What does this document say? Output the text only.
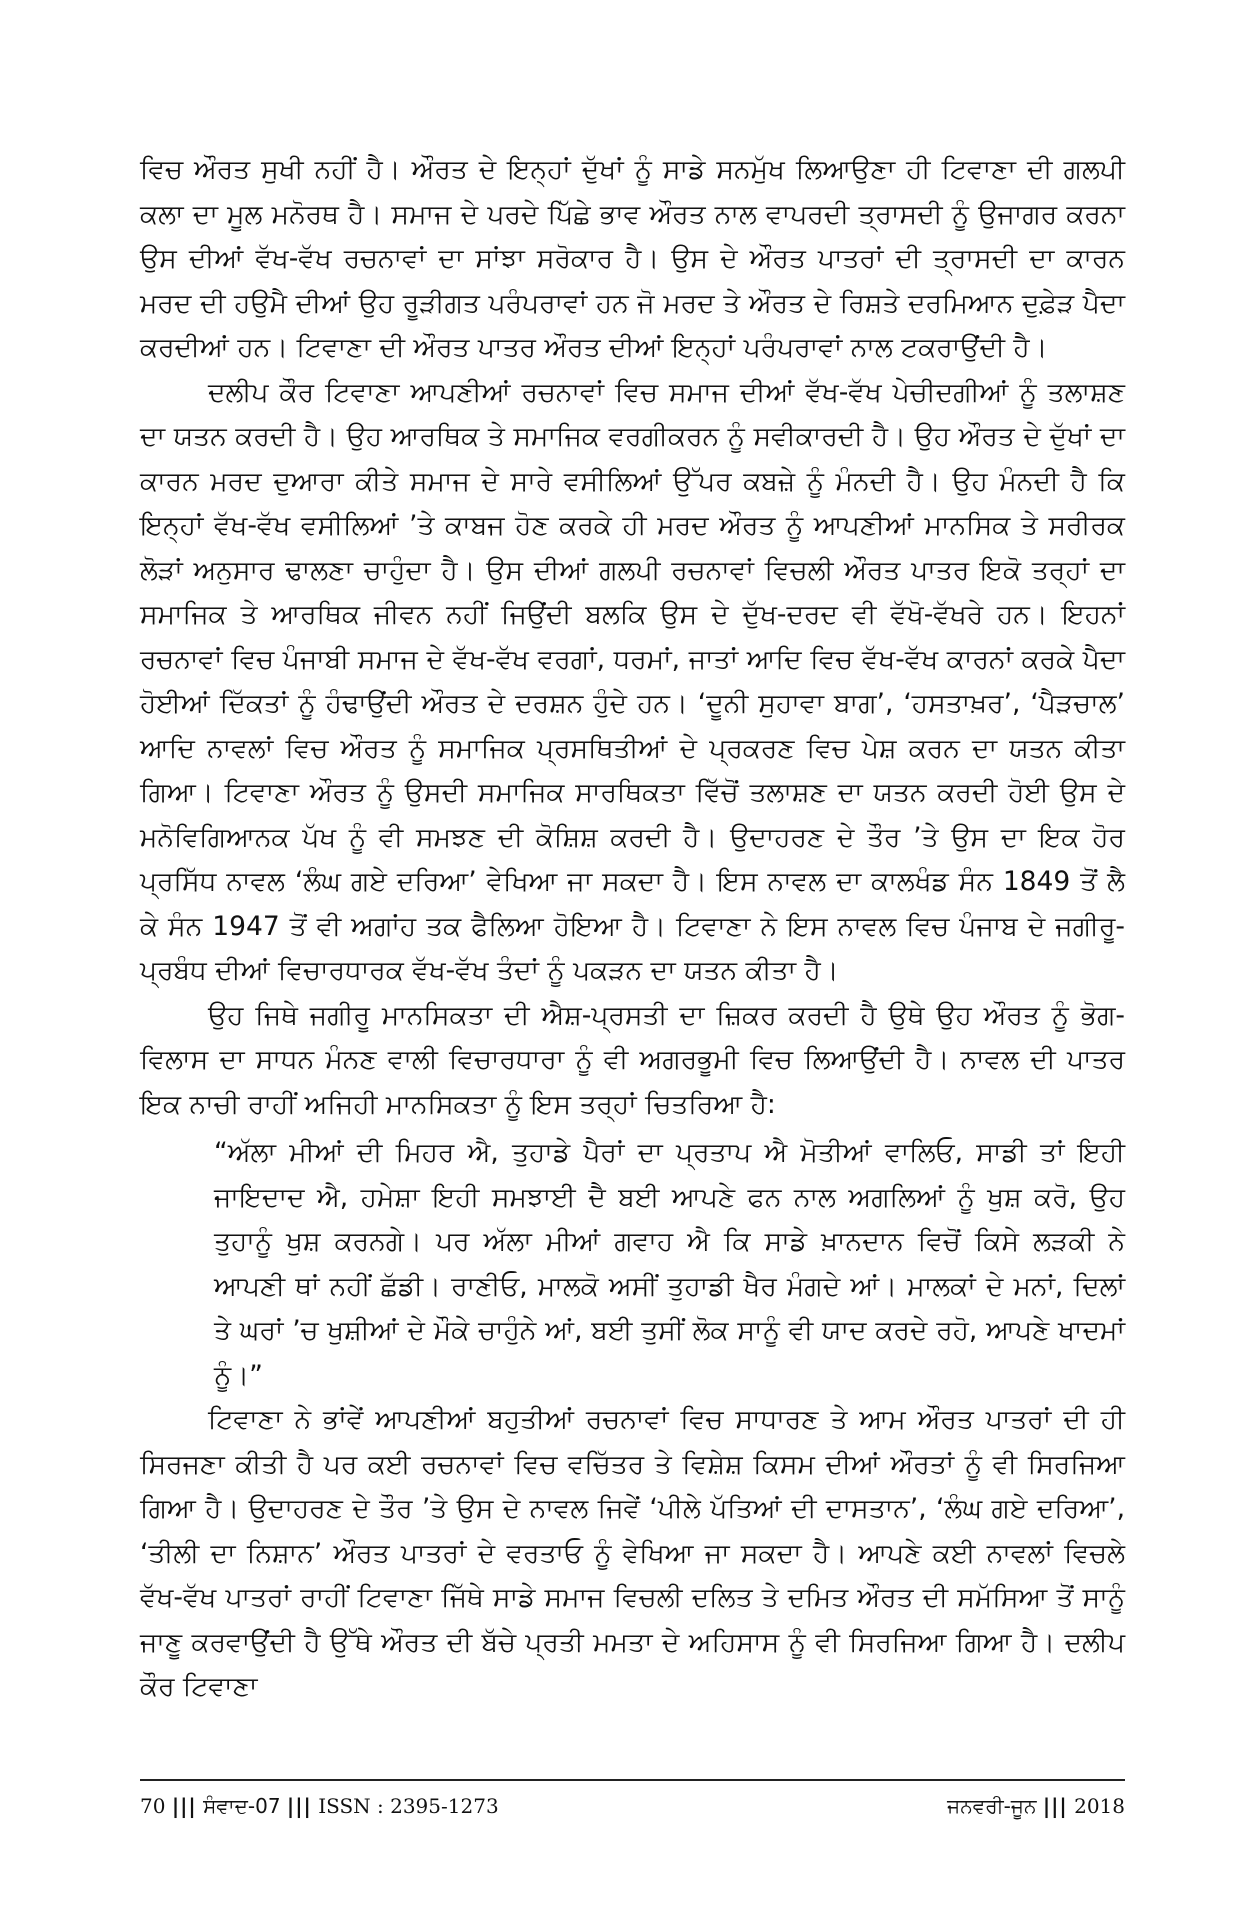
ਵਿਚ ਔਰਤ ਸੁਖੀ ਨਹੀਂ ਹੈ। ਔਰਤ ਦੇ ਇਨ੍ਹਾਂ ਦੁੱਖਾਂ ਨੂੰ ਸਾਡੇ ਸਨਮੁੱਖ ਲਿਆਉਣਾ ਹੀ ਟਿਵਾਣਾ ਦੀ ਗਲਪੀ ਕਲਾ ਦਾ ਮੂਲ ਮਨੋਰਥ ਹੈ। ਸਮਾਜ ਦੇ ਪਰਦੇ ਪਿੱਛੇ ਭਾਵ ਔਰਤ ਨਾਲ ਵਾਪਰਦੀ ਤ੍ਰਾਸਦੀ ਨੂੰ ਉਜਾਗਰ ਕਰਨਾ ਉਸ ਦੀਆਂ ਵੱਖ-ਵੱਖ ਰਚਨਾਵਾਂ ਦਾ ਸਾਂਝਾ ਸਰੋਕਾਰ ਹੈ। ਉਸ ਦੇ ਔਰਤ ਪਾਤਰਾਂ ਦੀ ਤ੍ਰਾਸਦੀ ਦਾ ਕਾਰਨ ਮਰਦ ਦੀ ਹਉਮੈ ਦੀਆਂ ਉਹ ਰੂੜੀਗਤ ਪਰੰਪਰਾਵਾਂ ਹਨ ਜੋ ਮਰਦ ਤੇ ਔਰਤ ਦੇ ਰਿਸ਼ਤੇ ਦਰਮਿਆਨ ਦੁਫ਼ੇੜ ਪੈਦਾ ਕਰਦੀਆਂ ਹਨ। ਟਿਵਾਣਾ ਦੀ ਔਰਤ ਪਾਤਰ ਔਰਤ ਦੀਆਂ ਇਨ੍ਹਾਂ ਪਰੰਪਰਾਵਾਂ ਨਾਲ ਟਕਰਾਉਂਦੀ ਹੈ।

ਦਲੀਪ ਕੌਰ ਟਿਵਾਣਾ ਆਪਣੀਆਂ ਰਚਨਾਵਾਂ ਵਿਚ ਸਮਾਜ ਦੀਆਂ ਵੱਖ-ਵੱਖ ਪੇਚੀਦਗੀਆਂ ਨੂੰ ਤਲਾਸ਼ਣ ਦਾ ਯਤਨ ਕਰਦੀ ਹੈ। ਉਹ ਆਰਥਿਕ ਤੇ ਸਮਾਜਿਕ ਵਰਗੀਕਰਨ ਨੂੰ ਸਵੀਕਾਰਦੀ ਹੈ। ਉਹ ਔਰਤ ਦੇ ਦੁੱਖਾਂ ਦਾ ਕਾਰਨ ਮਰਦ ਦੁਆਰਾ ਕੀਤੇ ਸਮਾਜ ਦੇ ਸਾਰੇ ਵਸੀਲਿਆਂ ਉੱਪਰ ਕਬਜ਼ੇ ਨੂੰ ਮੰਨਦੀ ਹੈ। ਉਹ ਮੰਨਦੀ ਹੈ ਕਿ ਇਨ੍ਹਾਂ ਵੱਖ-ਵੱਖ ਵਸੀਲਿਆਂ ’ਤੇ ਕਾਬਜ ਹੋਣ ਕਰਕੇ ਹੀ ਮਰਦ ਔਰਤ ਨੂੰ ਆਪਣੀਆਂ ਮਾਨਸਿਕ ਤੇ ਸਰੀਰਕ ਲੋੜਾਂ ਅਨੁਸਾਰ ਢਾਲਣਾ ਚਾਹੁੰਦਾ ਹੈ। ਉਸ ਦੀਆਂ ਗਲਪੀ ਰਚਨਾਵਾਂ ਵਿਚਲੀ ਔਰਤ ਪਾਤਰ ਇਕੋ ਤਰ੍ਹਾਂ ਦਾ ਸਮਾਜਿਕ ਤੇ ਆਰਥਿਕ ਜੀਵਨ ਨਹੀਂ ਜਿਉਂਦੀ ਬਲਕਿ ਉਸ ਦੇ ਦੁੱਖ-ਦਰਦ ਵੀ ਵੱਖੋ-ਵੱਖਰੇ ਹਨ। ਇਹਨਾਂ ਰਚਨਾਵਾਂ ਵਿਚ ਪੰਜਾਬੀ ਸਮਾਜ ਦੇ ਵੱਖ-ਵੱਖ ਵਰਗਾਂ, ਧਰਮਾਂ, ਜਾਤਾਂ ਆਦਿ ਵਿਚ ਵੱਖ-ਵੱਖ ਕਾਰਨਾਂ ਕਰਕੇ ਪੈਦਾ ਹੋਈਆਂ ਦਿੱਕਤਾਂ ਨੂੰ ਹੰਢਾਉਂਦੀ ਔਰਤ ਦੇ ਦਰਸ਼ਨ ਹੁੰਦੇ ਹਨ। ‘ਦੂਨੀ ਸੁਹਾਵਾ ਬਾਗ’, ‘ਹਸਤਾਖ਼ਰ’, ‘ਪੈੜਚਾਲ’ ਆਦਿ ਨਾਵਲਾਂ ਵਿਚ ਔਰਤ ਨੂੰ ਸਮਾਜਿਕ ਪ੍ਰਸਥਿਤੀਆਂ ਦੇ ਪ੍ਰਕਰਣ ਵਿਚ ਪੇਸ਼ ਕਰਨ ਦਾ ਯਤਨ ਕੀਤਾ ਗਿਆ। ਟਿਵਾਣਾ ਔਰਤ ਨੂੰ ਉਸਦੀ ਸਮਾਜਿਕ ਸਾਰਥਿਕਤਾ ਵਿੱਚੋਂ ਤਲਾਸ਼ਣ ਦਾ ਯਤਨ ਕਰਦੀ ਹੋਈ ਉਸ ਦੇ ਮਨੋਵਿਗਿਆਨਕ ਪੱਖ ਨੂੰ ਵੀ ਸਮਝਣ ਦੀ ਕੋਸ਼ਿਸ਼ ਕਰਦੀ ਹੈ। ਉਦਾਹਰਣ ਦੇ ਤੌਰ ’ਤੇ ਉਸ ਦਾ ਇਕ ਹੋਰ ਪ੍ਰਸਿੱਧ ਨਾਵਲ ‘ਲੰਘ ਗਏ ਦਰਿਆ’ ਵੇਖਿਆ ਜਾ ਸਕਦਾ ਹੈ। ਇਸ ਨਾਵਲ ਦਾ ਕਾਲਖੰਡ ਸੰਨ 1849 ਤੋਂ ਲੈ ਕੇ ਸੰਨ 1947 ਤੋਂ ਵੀ ਅਗਾਂਹ ਤਕ ਫੈਲਿਆ ਹੋਇਆ ਹੈ। ਟਿਵਾਣਾ ਨੇ ਇਸ ਨਾਵਲ ਵਿਚ ਪੰਜਾਬ ਦੇ ਜਗੀਰੂ-ਪ੍ਰਬੰਧ ਦੀਆਂ ਵਿਚਾਰਧਾਰਕ ਵੱਖ-ਵੱਖ ਤੰਦਾਂ ਨੂੰ ਪਕੜਨ ਦਾ ਯਤਨ ਕੀਤਾ ਹੈ।

ਉਹ ਜਿਥੇ ਜਗੀਰੂ ਮਾਨਸਿਕਤਾ ਦੀ ਐਸ਼-ਪ੍ਰਸਤੀ ਦਾ ਜ਼ਿਕਰ ਕਰਦੀ ਹੈ ਉਥੇ ਉਹ ਔਰਤ ਨੂੰ ਭੋਗ-ਵਿਲਾਸ ਦਾ ਸਾਧਨ ਮੰਨਣ ਵਾਲੀ ਵਿਚਾਰਧਾਰਾ ਨੂੰ ਵੀ ਅਗਰਭੂਮੀ ਵਿਚ ਲਿਆਉਂਦੀ ਹੈ। ਨਾਵਲ ਦੀ ਪਾਤਰ ਇਕ ਨਾਚੀ ਰਾਹੀਂ ਅਜਿਹੀ ਮਾਨਸਿਕਤਾ ਨੂੰ ਇਸ ਤਰ੍ਹਾਂ ਚਿਤਰਿਆ ਹੈ:

“ਅੱਲਾ ਮੀਆਂ ਦੀ ਮਿਹਰ ਐ, ਤੁਹਾਡੇ ਪੈਰਾਂ ਦਾ ਪ੍ਰਤਾਪ ਐ ਮੋਤੀਆਂ ਵਾਲਿਓ, ਸਾਡੀ ਤਾਂ ਇਹੀ ਜਾਇਦਾਦ ਐ, ਹਮੇਸ਼ਾ ਇਹੀ ਸਮਝਾਈ ਦੈ ਬਈ ਆਪਣੇ ਫਨ ਨਾਲ ਅਗਲਿਆਂ ਨੂੰ ਖੁਸ਼ ਕਰੋ, ਉਹ ਤੁਹਾਨੂੰ ਖੁਸ਼ ਕਰਨਗੇ। ਪਰ ਅੱਲਾ ਮੀਆਂ ਗਵਾਹ ਐ ਕਿ ਸਾਡੇ ਖ਼ਾਨਦਾਨ ਵਿਚੋਂ ਕਿਸੇ ਲੜਕੀ ਨੇ ਆਪਣੀ ਥਾਂ ਨਹੀਂ ਛੱਡੀ। ਰਾਣੀਓ, ਮਾਲਕੋ ਅਸੀਂ ਤੁਹਾਡੀ ਖੈਰ ਮੰਗਦੇ ਆਂ। ਮਾਲਕਾਂ ਦੇ ਮਨਾਂ, ਦਿਲਾਂ ਤੇ ਘਰਾਂ ’ਚ ਖੁਸ਼ੀਆਂ ਦੇ ਮੌਕੇ ਚਾਹੁੰਨੇ ਆਂ, ਬਈ ਤੁਸੀਂ ਲੋਕ ਸਾਨੂੰ ਵੀ ਯਾਦ ਕਰਦੇ ਰਹੋ, ਆਪਣੇ ਖਾਦਮਾਂ ਨੂੰ।”

ਟਿਵਾਣਾ ਨੇ ਭਾਂਵੇਂ ਆਪਣੀਆਂ ਬਹੁਤੀਆਂ ਰਚਨਾਵਾਂ ਵਿਚ ਸਾਧਾਰਣ ਤੇ ਆਮ ਔਰਤ ਪਾਤਰਾਂ ਦੀ ਹੀ ਸਿਰਜਣਾ ਕੀਤੀ ਹੈ ਪਰ ਕਈ ਰਚਨਾਵਾਂ ਵਿਚ ਵਚਿੱਤਰ ਤੇ ਵਿਸ਼ੇਸ਼ ਕਿਸਮ ਦੀਆਂ ਔਰਤਾਂ ਨੂੰ ਵੀ ਸਿਰਜਿਆ ਗਿਆ ਹੈ। ਉਦਾਹਰਣ ਦੇ ਤੌਰ ’ਤੇ ਉਸ ਦੇ ਨਾਵਲ ਜਿਵੇਂ ‘ਪੀਲੇ ਪੱਤਿਆਂ ਦੀ ਦਾਸਤਾਨ’, ‘ਲੰਘ ਗਏ ਦਰਿਆ’, ‘ਤੀਲੀ ਦਾ ਨਿਸ਼ਾਨ’ ਔਰਤ ਪਾਤਰਾਂ ਦੇ ਵਰਤਾਓ ਨੂੰ ਵੇਖਿਆ ਜਾ ਸਕਦਾ ਹੈ। ਆਪਣੇ ਕਈ ਨਾਵਲਾਂ ਵਿਚਲੇ ਵੱਖ-ਵੱਖ ਪਾਤਰਾਂ ਰਾਹੀਂ ਟਿਵਾਣਾ ਜਿੱਥੇ ਸਾਡੇ ਸਮਾਜ ਵਿਚਲੀ ਦਲਿਤ ਤੇ ਦਮਿਤ ਔਰਤ ਦੀ ਸਮੱਸਿਆ ਤੋਂ ਸਾਨੂੰ ਜਾਣੂ ਕਰਵਾਉਂਦੀ ਹੈ ਉੱਥੇ ਔਰਤ ਦੀ ਬੱਚੇ ਪ੍ਰਤੀ ਮਮਤਾ ਦੇ ਅਹਿਸਾਸ ਨੂੰ ਵੀ ਸਿਰਜਿਆ ਗਿਆ ਹੈ। ਦਲੀਪ ਕੌਰ ਟਿਵਾਣਾ

70 ||| ਸੰਵਾਦ-07 ||| ISSN : 2395-1273	ਜਨਵਰੀ-ਜੂਨ ||| 2018
